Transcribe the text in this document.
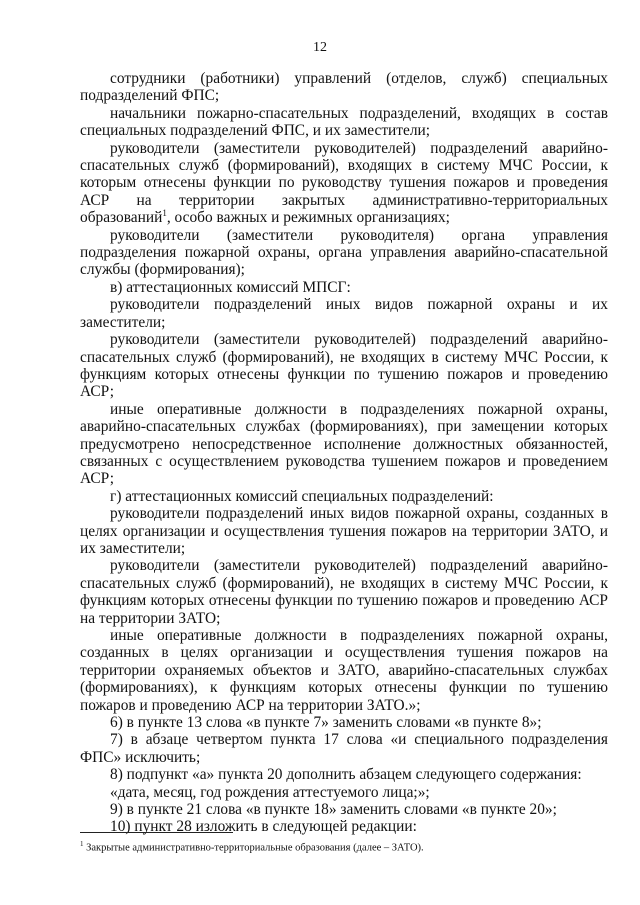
12

сотрудники (работники) управлений (отделов, служб) специальных подразделений ФПС;

начальники пожарно-спасательных подразделений, входящих в состав специальных подразделений ФПС, и их заместители;

руководители (заместители руководителей) подразделений аварийно-спасательных служб (формирований), входящих в систему МЧС России, к которым отнесены функции по руководству тушения пожаров и проведения АСР на территории закрытых административно-территориальных образований$^1$, особо важных и режимных организациях;

руководители (заместители руководителя) органа управления подразделения пожарной охраны, органа управления аварийно-спасательной службы (формирования);

в) аттестационных комиссий МПСГ:

руководители подразделений иных видов пожарной охраны и их заместители;

руководители (заместители руководителей) подразделений аварийно-спасательных служб (формирований), не входящих в систему МЧС России, к функциям которых отнесены функции по тушению пожаров и проведению АСР;

иные оперативные должности в подразделениях пожарной охраны, аварийно-спасательных службах (формированиях), при замещении которых предусмотрено непосредственное исполнение должностных обязанностей, связанных с осуществлением руководства тушением пожаров и проведением АСР;

г) аттестационных комиссий специальных подразделений:

руководители подразделений иных видов пожарной охраны, созданных в целях организации и осуществления тушения пожаров на территории ЗАТО, и их заместители;

руководители (заместители руководителей) подразделений аварийно-спасательных служб (формирований), не входящих в систему МЧС России, к функциям которых отнесены функции по тушению пожаров и проведению АСР на территории ЗАТО;

иные оперативные должности в подразделениях пожарной охраны, созданных в целях организации и осуществления тушения пожаров на территории охраняемых объектов и ЗАТО, аварийно-спасательных службах (формированиях), к функциям которых отнесены функции по тушению пожаров и проведению АСР на территории ЗАТО.»;

6) в пункте 13 слова «в пункте 7» заменить словами «в пункте 8»;

7) в абзаце четвертом пункта 17 слова «и специального подразделения ФПС» исключить;

8) подпункт «а» пункта 20 дополнить абзацем следующего содержания:

«дата, месяц, год рождения аттестуемого лица;»;

9) в пункте 21 слова «в пункте 18» заменить словами «в пункте 20»;

10) пункт 28 изложить в следующей редакции:

$^1$ Закрытые административно-территориальные образования (далее – ЗАТО).
